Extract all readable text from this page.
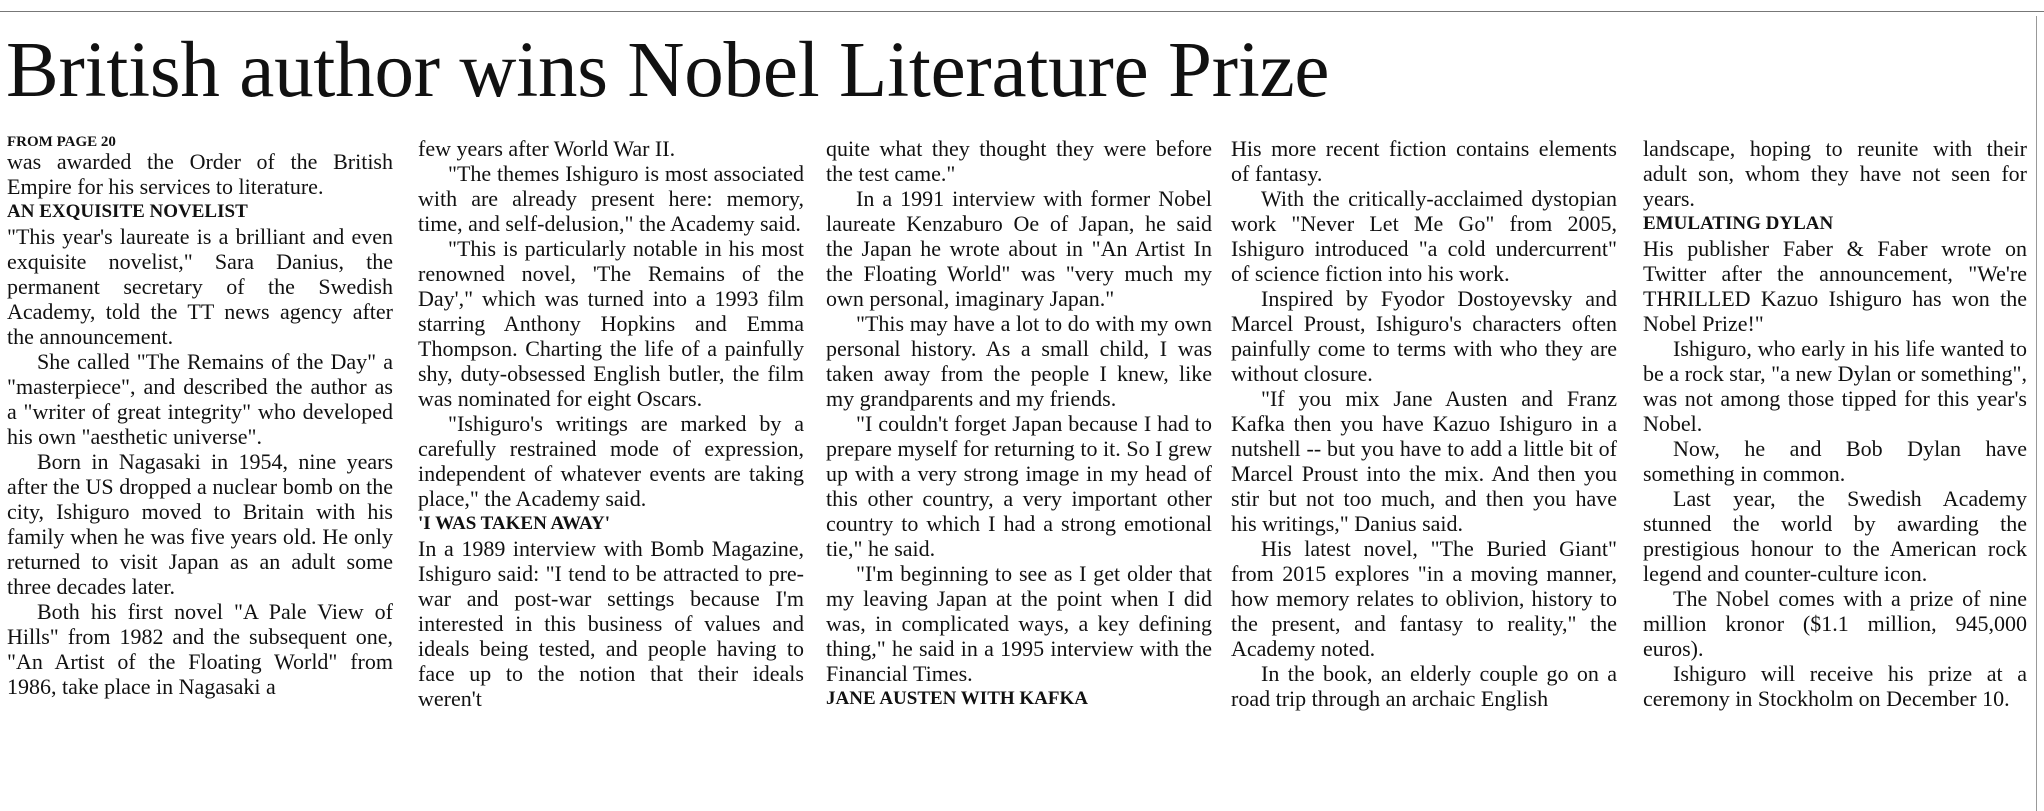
British author wins Nobel Literature Prize
FROM PAGE 20

was awarded the Order of the British Empire for his services to literature.

AN EXQUISITE NOVELIST

"This year's laureate is a brilliant and even exquisite novelist," Sara Danius, the permanent secretary of the Swedish Academy, told the TT news agency after the announcement.

She called "The Remains of the Day" a "masterpiece", and described the author as a "writer of great integrity" who developed his own "aesthetic universe".

Born in Nagasaki in 1954, nine years after the US dropped a nuclear bomb on the city, Ishiguro moved to Britain with his family when he was five years old. He only returned to visit Japan as an adult some three decades later.

Both his first novel "A Pale View of Hills" from 1982 and the subsequent one, "An Artist of the Floating World" from 1986, take place in Nagasaki a

few years after World War II.

"The themes Ishiguro is most associated with are already present here: memory, time, and self-delusion," the Academy said.

"This is particularly notable in his most renowned novel, 'The Remains of the Day'," which was turned into a 1993 film starring Anthony Hopkins and Emma Thompson. Charting the life of a painfully shy, duty-obsessed English butler, the film was nominated for eight Oscars.

"Ishiguro's writings are marked by a carefully restrained mode of expression, independent of whatever events are taking place," the Academy said.

'I WAS TAKEN AWAY'

In a 1989 interview with Bomb Magazine, Ishiguro said: "I tend to be attracted to pre-war and post-war settings because I'm interested in this business of values and ideals being tested, and people having to face up to the notion that their ideals weren't

quite what they thought they were before the test came."

In a 1991 interview with former Nobel laureate Kenzaburo Oe of Japan, he said the Japan he wrote about in "An Artist In the Floating World" was "very much my own personal, imaginary Japan."

"This may have a lot to do with my own personal history. As a small child, I was taken away from the people I knew, like my grandparents and my friends.

"I couldn't forget Japan because I had to prepare myself for returning to it. So I grew up with a very strong image in my head of this other country, a very important other country to which I had a strong emotional tie," he said.

"I'm beginning to see as I get older that my leaving Japan at the point when I did was, in complicated ways, a key defining thing," he said in a 1995 interview with the Financial Times.

JANE AUSTEN WITH KAFKA

His more recent fiction contains elements of fantasy.

With the critically-acclaimed dystopian work "Never Let Me Go" from 2005, Ishiguro introduced "a cold undercurrent" of science fiction into his work.

Inspired by Fyodor Dostoyevsky and Marcel Proust, Ishiguro's characters often painfully come to terms with who they are without closure.

"If you mix Jane Austen and Franz Kafka then you have Kazuo Ishiguro in a nutshell -- but you have to add a little bit of Marcel Proust into the mix. And then you stir but not too much, and then you have his writings," Danius said.

His latest novel, "The Buried Giant" from 2015 explores "in a moving manner, how memory relates to oblivion, history to the present, and fantasy to reality," the Academy noted.

In the book, an elderly couple go on a road trip through an archaic English

landscape, hoping to reunite with their adult son, whom they have not seen for years.

EMULATING DYLAN

His publisher Faber & Faber wrote on Twitter after the announcement, "We're THRILLED Kazuo Ishiguro has won the Nobel Prize!"

Ishiguro, who early in his life wanted to be a rock star, "a new Dylan or something", was not among those tipped for this year's Nobel.

Now, he and Bob Dylan have something in common.

Last year, the Swedish Academy stunned the world by awarding the prestigious honour to the American rock legend and counter-culture icon.

The Nobel comes with a prize of nine million kronor ($1.1 million, 945,000 euros).

Ishiguro will receive his prize at a ceremony in Stockholm on December 10.
